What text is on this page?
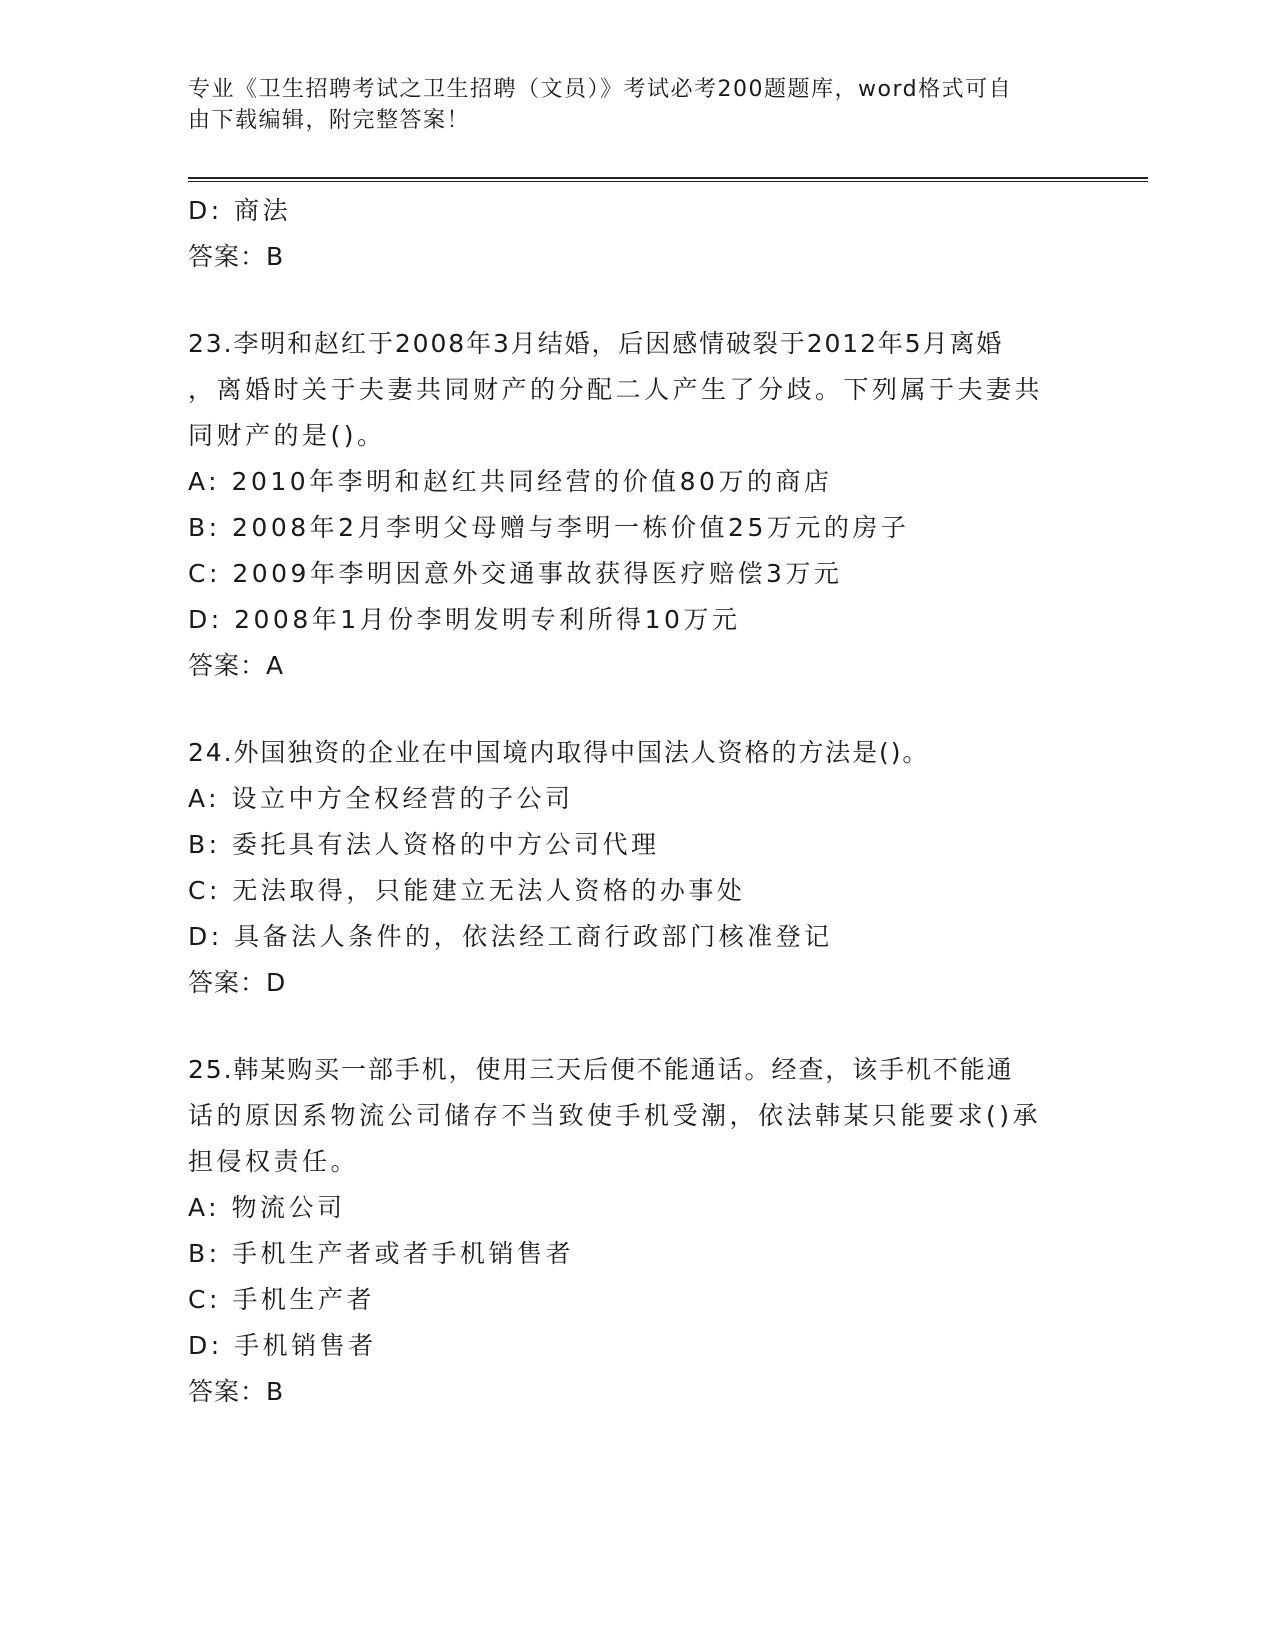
专业《卫生招聘考试之卫生招聘（文员）》考试必考200题题库，word格式可自
由下载编辑，附完整答案！
D: 商法
答案：B
23.李明和赵红于2008年3月结婚，后因感情破裂于2012年5月离婚
，离婚时关于夫妻共同财产的分配二人产生了分歧。下列属于夫妻共
同财产的是()。
A: 2010年李明和赵红共同经营的价值80万的商店
B: 2008年2月李明父母赠与李明一栋价值25万元的房子
C: 2009年李明因意外交通事故获得医疗赔偿3万元
D: 2008年1月份李明发明专利所得10万元
答案：A
24.外国独资的企业在中国境内取得中国法人资格的方法是()。
A: 设立中方全权经营的子公司
B: 委托具有法人资格的中方公司代理
C: 无法取得，只能建立无法人资格的办事处
D: 具备法人条件的，依法经工商行政部门核准登记
答案：D
25.韩某购买一部手机，使用三天后便不能通话。经查，该手机不能通
话的原因系物流公司储存不当致使手机受潮，依法韩某只能要求()承
担侵权责任。
A: 物流公司
B: 手机生产者或者手机销售者
C: 手机生产者
D: 手机销售者
答案：B
